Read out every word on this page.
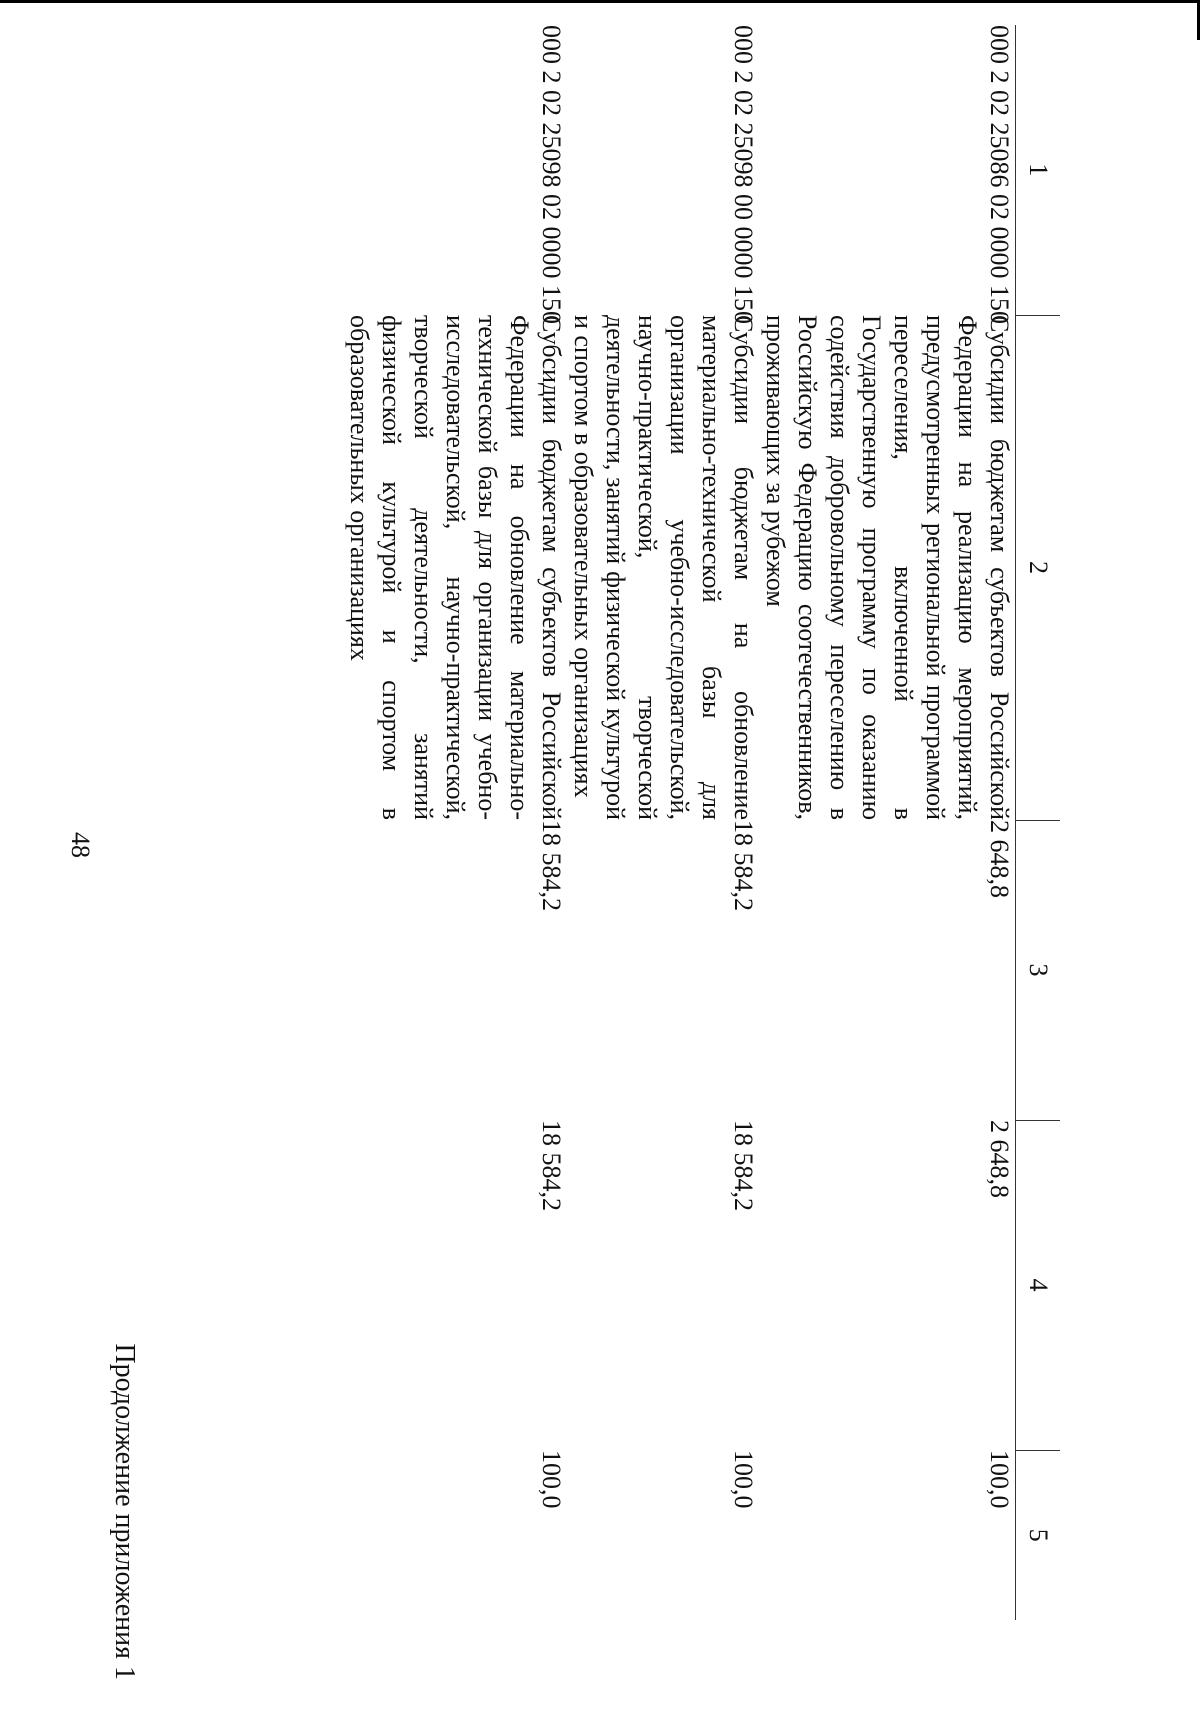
48
Продолжение приложения 1
1	2	3	4	5
000 2 02 25086 02 0000 150	Субсидии бюджетам субъектов Российской Федерации на реализацию мероприятий, предусмотренных региональной программой переселения, включенной в Государственную программу по оказанию содействия добровольному переселению в Российскую Федерацию соотечественников, проживающих за рубежом	2 648,8	2 648,8	100,0
000 2 02 25098 00 0000 150	Субсидии бюджетам на обновление материально-технической базы для организации учебно-исследовательской, научно-практической, творческой деятельности, занятий физической культурой и спортом в образовательных организациях	18 584,2	18 584,2	100,0
000 2 02 25098 02 0000 150	Субсидии бюджетам субъектов Российской Федерации на обновление материально-технической базы для организации учебно-исследовательской, научно-практической, творческой деятельности, занятий физической культурой и спортом в образовательных организациях	18 584,2	18 584,2	100,0
